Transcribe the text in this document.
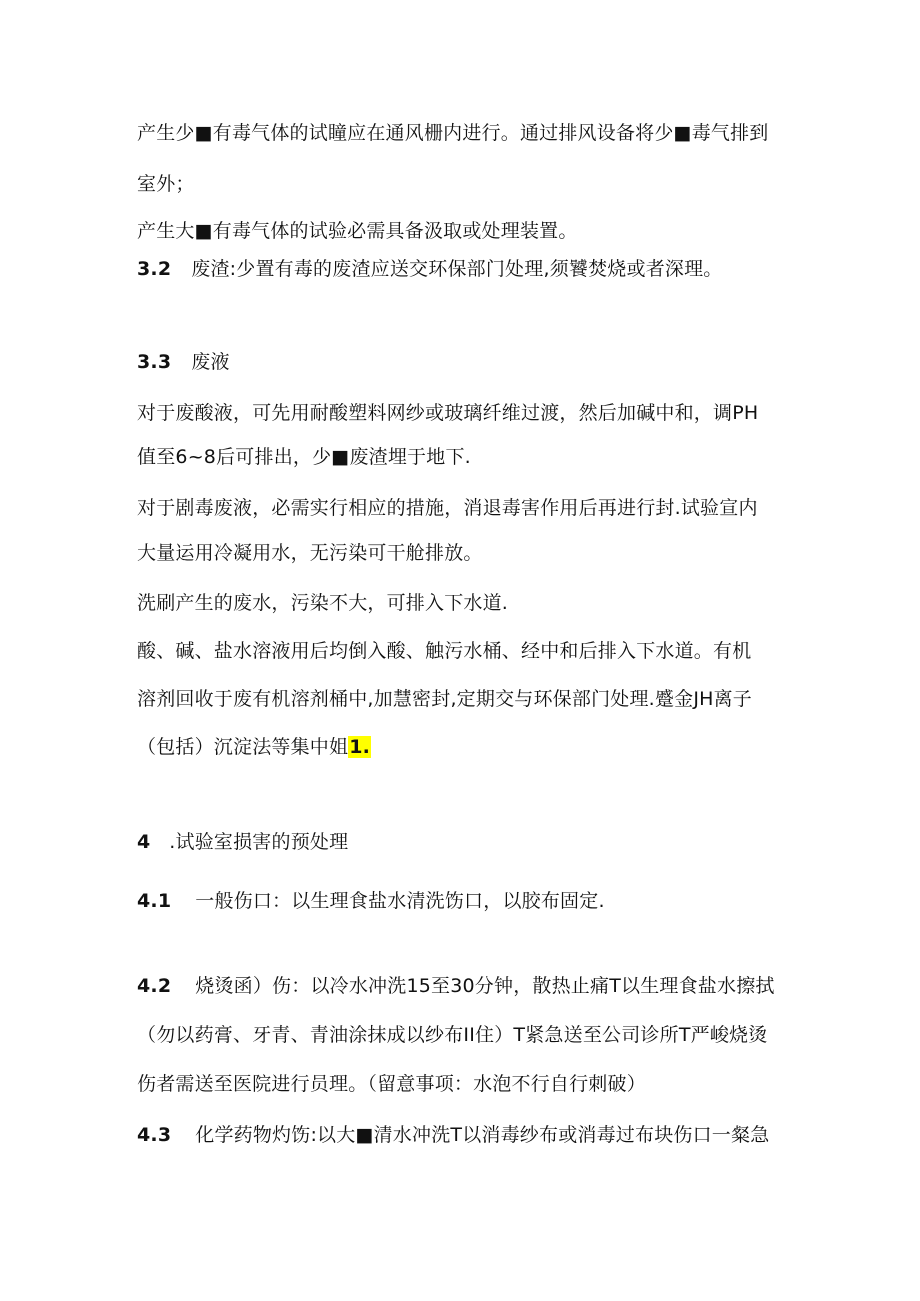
产生少■有毒气体的试瞳应在通风栅内进行。通过排风设备将少■毒气排到
室外；
产生大■有毒气体的试验必需具备汲取或处理装置。
3.2 废渣:少置有毒的废渣应送交环保部门处理,须饕焚烧或者深理。
3.3 废液
对于废酸液，可先用耐酸塑料网纱或玻璃纤维过渡，然后加碱中和，调PH
值至6~8后可排出，少■废渣埋于地下.
对于剧毒废液，必需实行相应的措施，消退毒害作用后再进行封.试验宣内
大量运用冷凝用水，无污染可干舱排放。
洗刷产生的废水，污染不大，可排入下水道.
酸、碱、盐水溶液用后均倒入酸、触污水桶、经中和后排入下水道。有机
溶剂回收于废有机溶剂桶中,加慧密封,定期交与环保部门处理.蹙金JH离子
（包括）沉淀法等集中姐1.
4 .试验室损害的预处理
4.1 一般伤口：以生理食盐水清洗饬口，以胶布固定.
4.2 烧烫函）伤：以冷水冲洗15至30分钟，散热止痛T以生理食盐水擦拭
（勿以药膏、牙青、青油涂抹成以纱布II住）T紧急送至公司诊所T严峻烧烫
伤者需送至医院进行员理。（留意事项：水泡不行自行刺破）
4.3 化学药物灼饬:以大■清水冲洗T以消毒纱布或消毒过布块伤口一粲急
